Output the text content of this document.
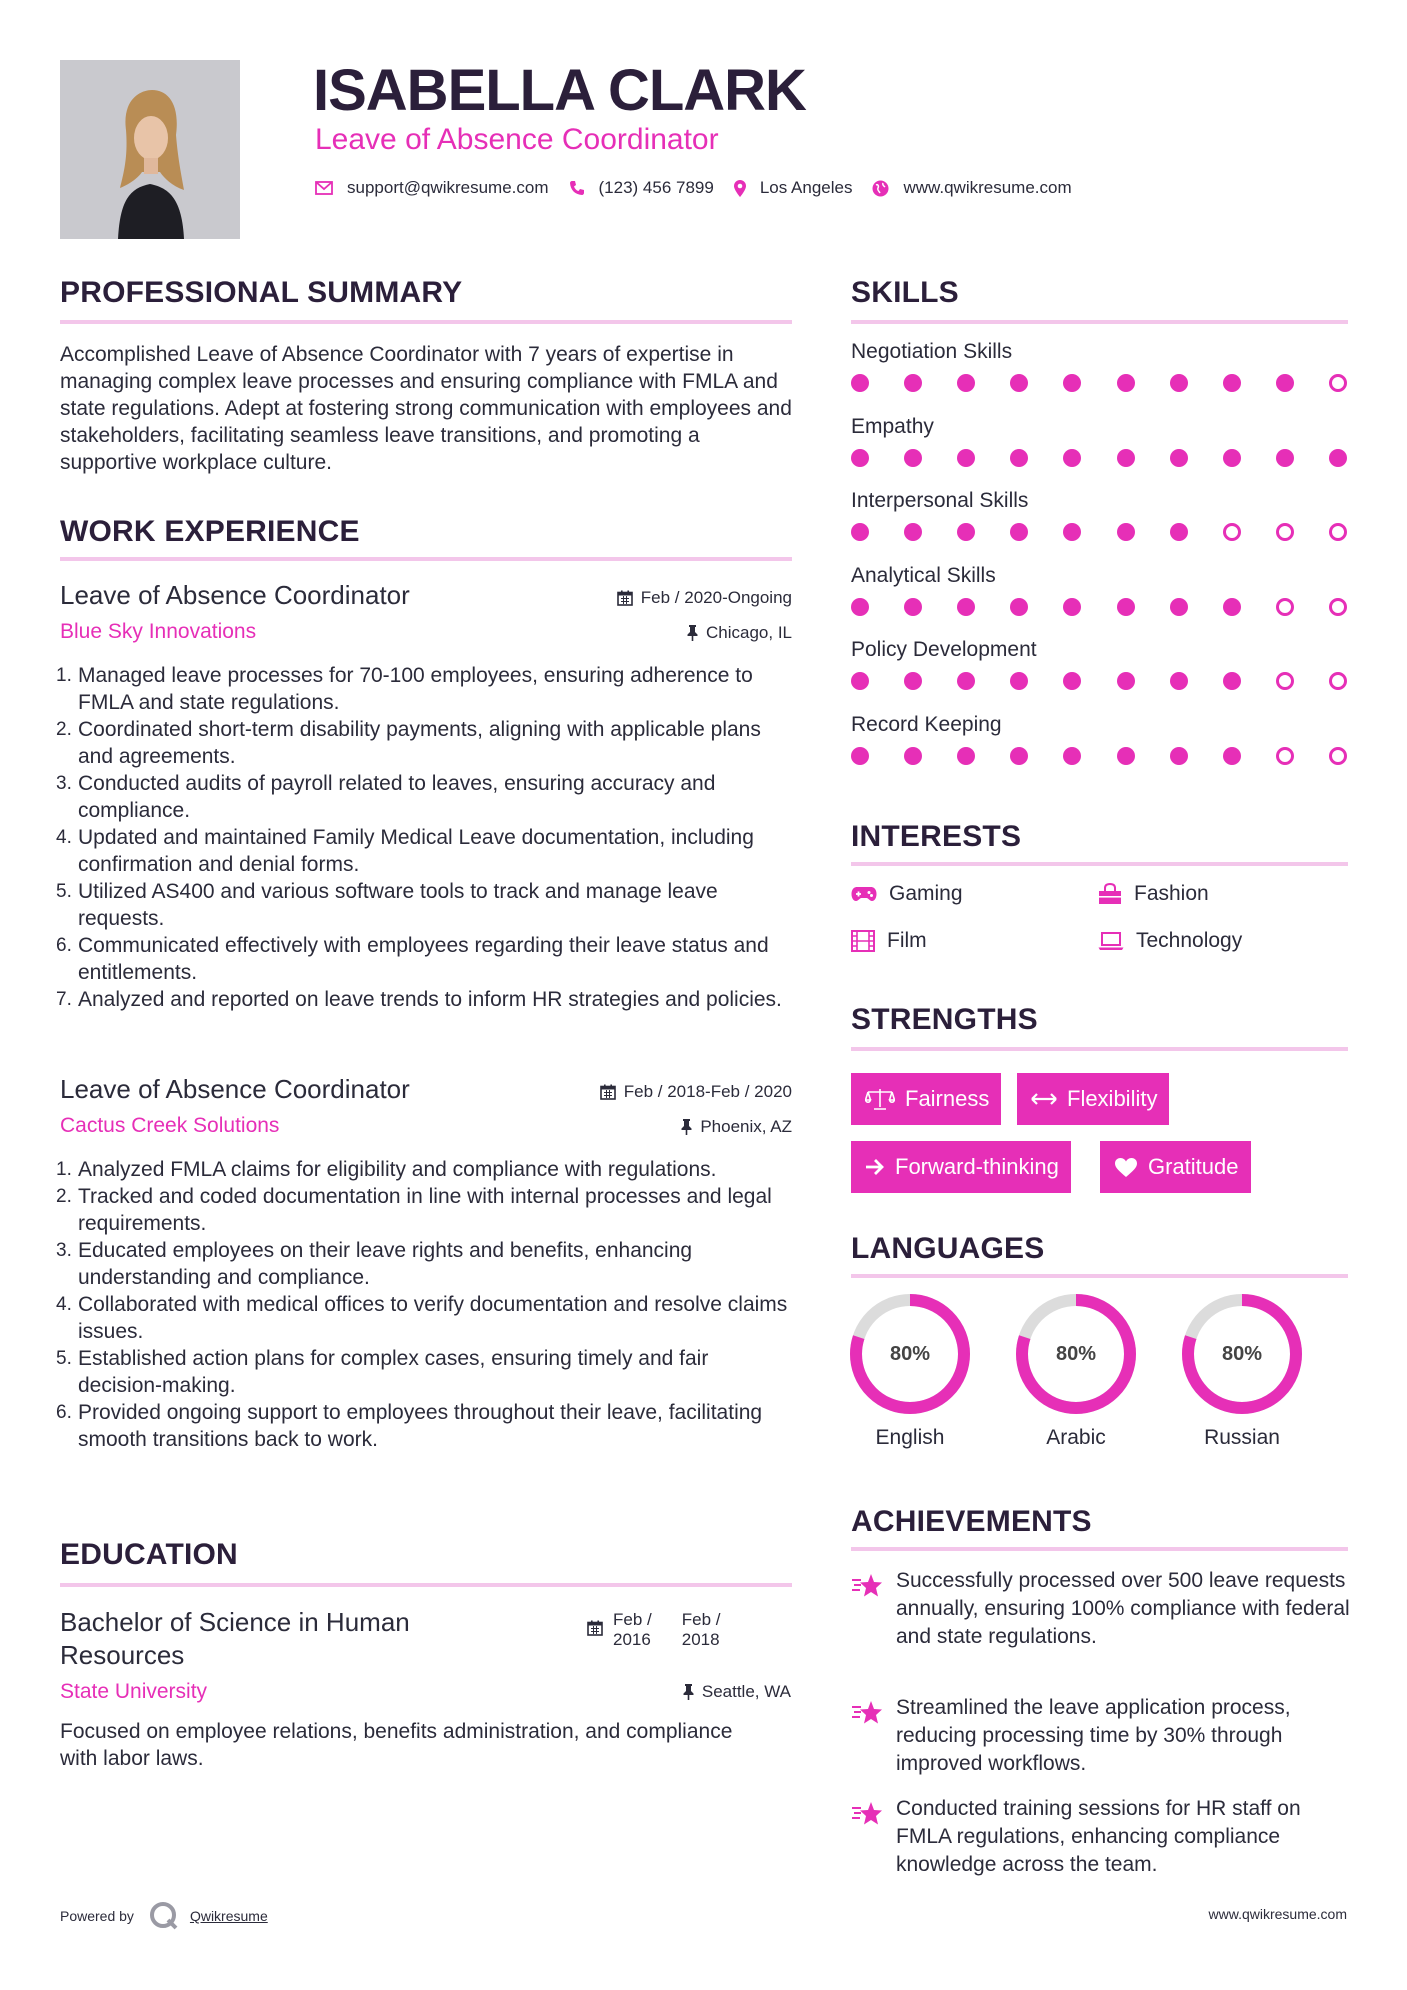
ISABELLA CLARK
Leave of Absence Coordinator
support@qwikresume.com	(123) 456 7899	Los Angeles	www.qwikresume.com
PROFESSIONAL SUMMARY
Accomplished Leave of Absence Coordinator with 7 years of expertise in managing complex leave processes and ensuring compliance with FMLA and state regulations. Adept at fostering strong communication with employees and stakeholders, facilitating seamless leave transitions, and promoting a supportive workplace culture.
WORK EXPERIENCE
Leave of Absence Coordinator
Blue Sky Innovations
Feb / 2020-Ongoing
Chicago, IL
1. Managed leave processes for 70-100 employees, ensuring adherence to FMLA and state regulations.
2. Coordinated short-term disability payments, aligning with applicable plans and agreements.
3. Conducted audits of payroll related to leaves, ensuring accuracy and compliance.
4. Updated and maintained Family Medical Leave documentation, including confirmation and denial forms.
5. Utilized AS400 and various software tools to track and manage leave requests.
6. Communicated effectively with employees regarding their leave status and entitlements.
7. Analyzed and reported on leave trends to inform HR strategies and policies.
Leave of Absence Coordinator
Cactus Creek Solutions
Feb / 2018-Feb / 2020
Phoenix, AZ
1. Analyzed FMLA claims for eligibility and compliance with regulations.
2. Tracked and coded documentation in line with internal processes and legal requirements.
3. Educated employees on their leave rights and benefits, enhancing understanding and compliance.
4. Collaborated with medical offices to verify documentation and resolve claims issues.
5. Established action plans for complex cases, ensuring timely and fair decision-making.
6. Provided ongoing support to employees throughout their leave, facilitating smooth transitions back to work.
EDUCATION
Bachelor of Science in Human
Resources
Feb /
2016
Feb /
2018
State University	Seattle, WA
Focused on employee relations, benefits administration, and compliance with labor laws.
SKILLS
Negotiation Skills
Empathy
Interpersonal Skills
Analytical Skills
Policy Development
Record Keeping
INTERESTS
Gaming	Fashion
Film	Technology
STRENGTHS
Fairness	Flexibility
Forward-thinking	Gratitude
LANGUAGES
80%
English
80%
Arabic
80%
Russian
ACHIEVEMENTS
Successfully processed over 500 leave requests annually, ensuring 100% compliance with federal and state regulations.
Streamlined the leave application process, reducing processing time by 30% through improved workflows.
Conducted training sessions for HR staff on FMLA regulations, enhancing compliance knowledge across the team.
Powered by	Qwikresume	www.qwikresume.com
